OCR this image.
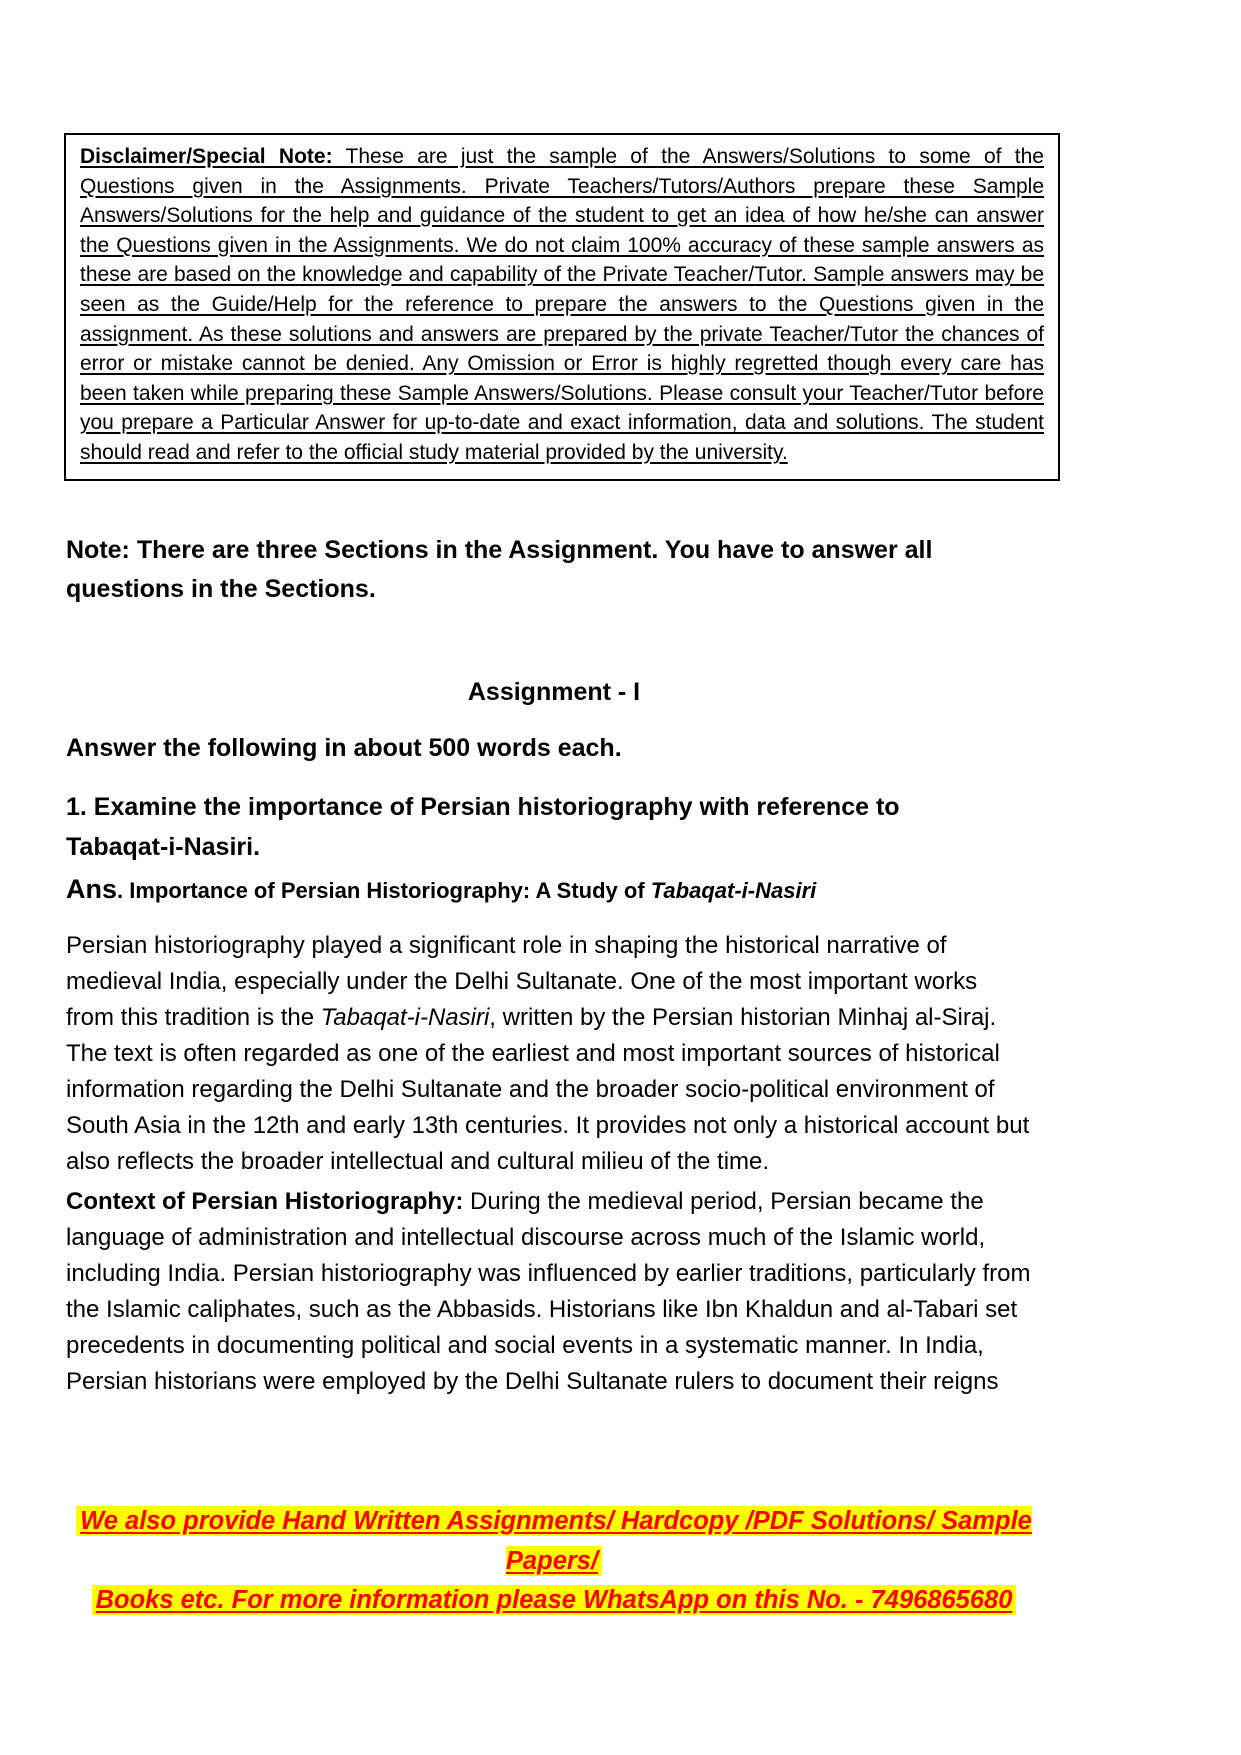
Disclaimer/Special Note: These are just the sample of the Answers/Solutions to some of the Questions given in the Assignments. Private Teachers/Tutors/Authors prepare these Sample Answers/Solutions for the help and guidance of the student to get an idea of how he/she can answer the Questions given in the Assignments. We do not claim 100% accuracy of these sample answers as these are based on the knowledge and capability of the Private Teacher/Tutor. Sample answers may be seen as the Guide/Help for the reference to prepare the answers to the Questions given in the assignment. As these solutions and answers are prepared by the private Teacher/Tutor the chances of error or mistake cannot be denied. Any Omission or Error is highly regretted though every care has been taken while preparing these Sample Answers/Solutions. Please consult your Teacher/Tutor before you prepare a Particular Answer for up-to-date and exact information, data and solutions. The student should read and refer to the official study material provided by the university.
Note: There are three Sections in the Assignment. You have to answer all questions in the Sections.
Assignment - I
Answer the following in about 500 words each.
1. Examine the importance of Persian historiography with reference to Tabaqat-i-Nasiri.
Ans. Importance of Persian Historiography: A Study of Tabaqat-i-Nasiri
Persian historiography played a significant role in shaping the historical narrative of medieval India, especially under the Delhi Sultanate. One of the most important works from this tradition is the Tabaqat-i-Nasiri, written by the Persian historian Minhaj al-Siraj. The text is often regarded as one of the earliest and most important sources of historical information regarding the Delhi Sultanate and the broader socio-political environment of South Asia in the 12th and early 13th centuries. It provides not only a historical account but also reflects the broader intellectual and cultural milieu of the time.
Context of Persian Historiography: During the medieval period, Persian became the language of administration and intellectual discourse across much of the Islamic world, including India. Persian historiography was influenced by earlier traditions, particularly from the Islamic caliphates, such as the Abbasids. Historians like Ibn Khaldun and al-Tabari set precedents in documenting political and social events in a systematic manner. In India, Persian historians were employed by the Delhi Sultanate rulers to document their reigns
We also provide Hand Written Assignments/ Hardcopy /PDF Solutions/ Sample Papers/
Books etc. For more information please WhatsApp on this No. - 7496865680
